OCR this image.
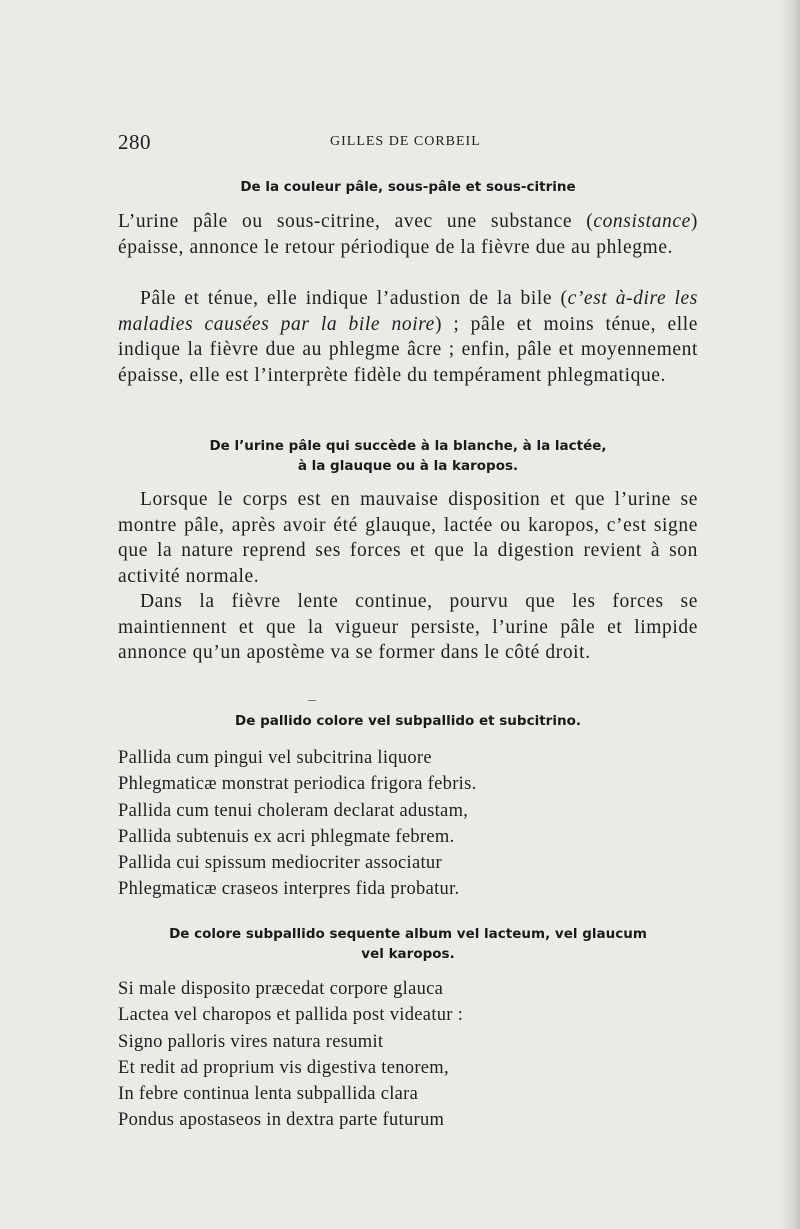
280	GILLES DE CORBEIL
De la couleur pâle, sous-pâle et sous-citrine
L’urine pâle ou sous-citrine, avec une substance (consistance) épaisse, annonce le retour périodique de la fièvre due au phlegme.
Pâle et ténue, elle indique l’adustion de la bile (c’est à-dire les maladies causées par la bile noire) ; pâle et moins ténue, elle indique la fièvre due au phlegme âcre ; enfin, pâle et moyennement épaisse, elle est l’interprète fidèle du tempérament phlegmatique.
De l’urine pâle qui succède à la blanche, à la lactée,
à la glauque ou à la karopos.
Lorsque le corps est en mauvaise disposition et que l’urine se montre pâle, après avoir été glauque, lactée ou karopos, c’est signe que la nature reprend ses forces et que la digestion revient à son activité normale.
Dans la fièvre lente continue, pourvu que les forces se maintiennent et que la vigueur persiste, l’urine pâle et limpide annonce qu’un apostème va se former dans le côté droit.
De pallido colore vel subpallido et subcitrino.
Pallida cum pingui vel subcitrina liquore
Phlegmaticæ monstrat periodica frigora febris.
Pallida cum tenui choleram declarat adustam,
Pallida subtenuis ex acri phlegmate febrem.
Pallida cui spissum mediocriter associatur
Phlegmaticæ craseos interpres fida probatur.
De colore subpallido sequente album vel lacteum, vel glaucum
vel karopos.
Si male disposito præcedat corpore glauca
Lactea vel charopos et pallida post videatur :
Signo palloris vires natura resumit
Et redit ad proprium vis digestiva tenorem,
In febre continua lenta subpallida clara
Pondus apostaseos in dextra parte futurum
